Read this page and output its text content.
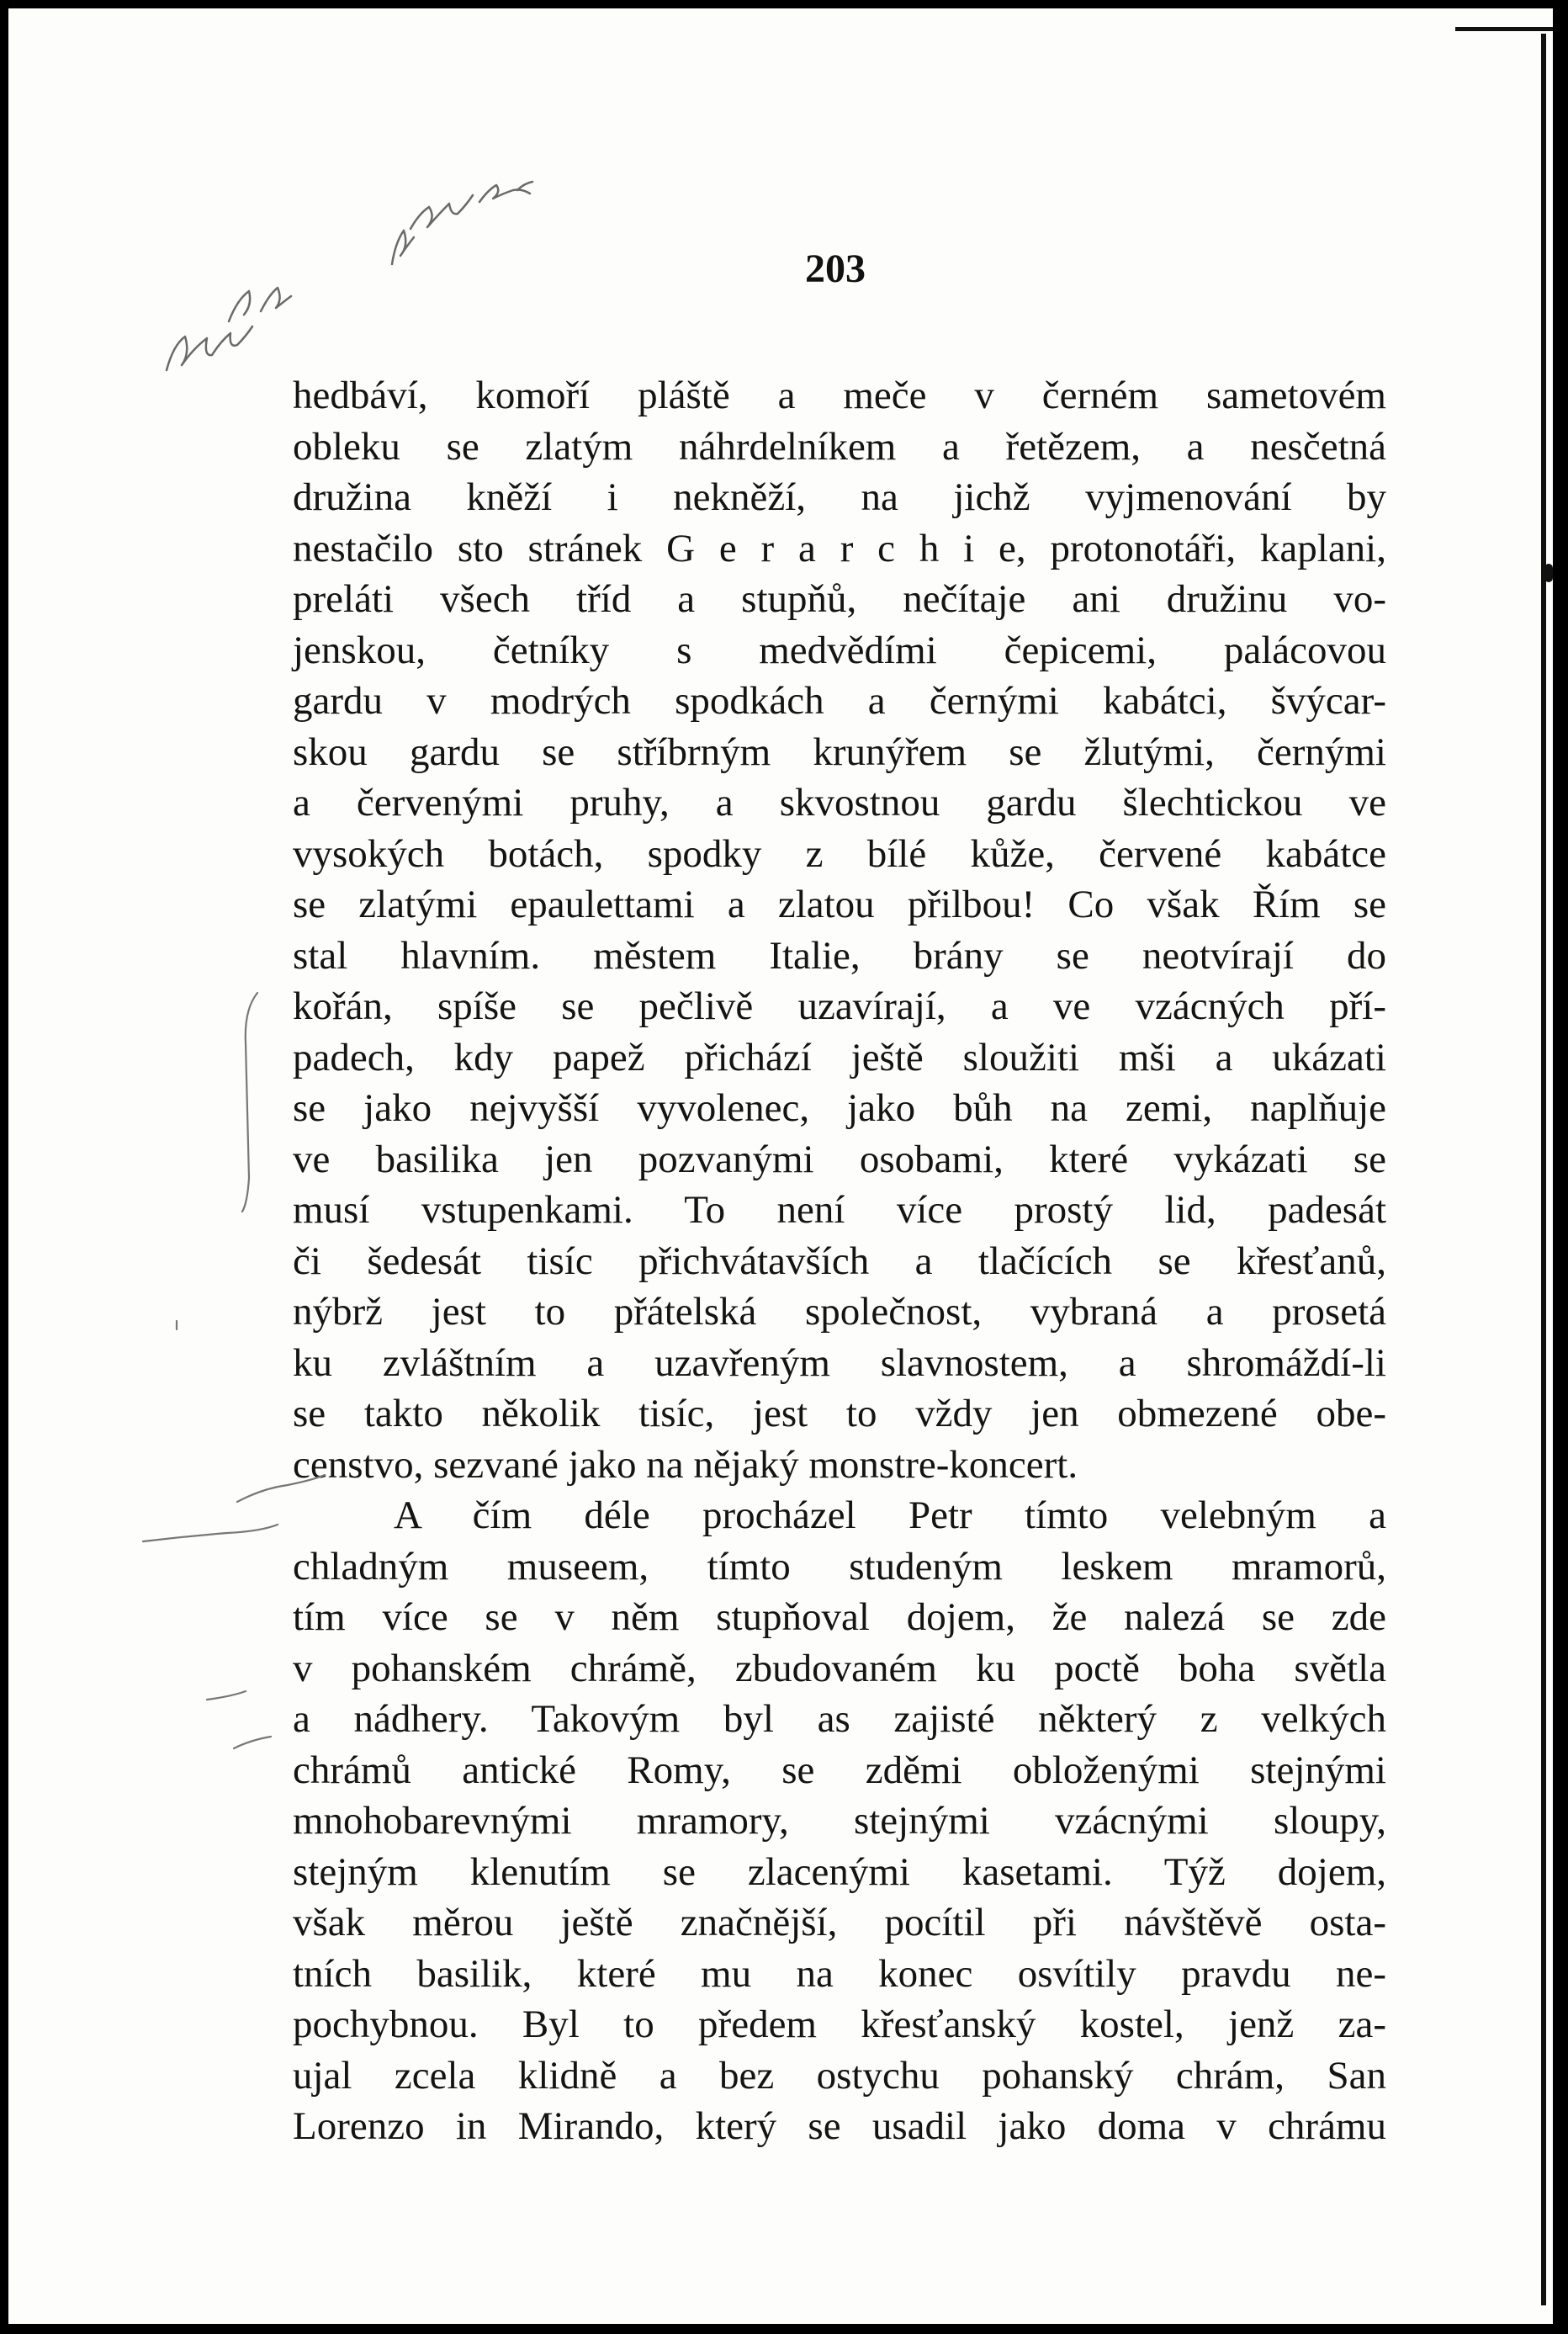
203
hedbáví, komoří pláště a meče v černém sametovém
obleku se zlatým náhrdelníkem a řetězem, a nesčetná
družina kněží i nekněží, na jichž vyjmenování by
nestačilo sto stránek G e r a r c h i e, protonotáři, kaplani,
preláti všech tříd a stupňů, nečítaje ani družinu vo-
jenskou, četníky s medvědími čepicemi, palácovou
gardu v modrých spodkách a černými kabátci, švýcar-
skou gardu se stříbrným krunýřem se žlutými, černými
a červenými pruhy, a skvostnou gardu šlechtickou ve
vysokých botách, spodky z bílé kůže, červené kabátce
se zlatými epaulettami a zlatou přilbou! Co však Řím se
stal hlavním. městem Italie, brány se neotvírají do
kořán, spíše se pečlivě uzavírají, a ve vzácných pří-
padech, kdy papež přichází ještě sloužiti mši a ukázati
se jako nejvyšší vyvolenec, jako bůh na zemi, naplňuje
ve basilika jen pozvanými osobami, které vykázati se
musí vstupenkami. To není více prostý lid, padesát
či šedesát tisíc přichvátavších a tlačících se křesťanů,
nýbrž jest to přátelská společnost, vybraná a prosetá
ku zvláštním a uzavřeným slavnostem, a shromáždí-li
se takto několik tisíc, jest to vždy jen obmezené obe-
censtvo, sezvané jako na nějaký monstre-koncert.
A čím déle procházel Petr tímto velebným a
chladným museem, tímto studeným leskem mramorů,
tím více se v něm stupňoval dojem, že nalezá se zde
v pohanském chrámě, zbudovaném ku poctě boha světla
a nádhery. Takovým byl as zajisté některý z velkých
chrámů antické Romy, se zděmi obloženými stejnými
mnohobarevnými mramory, stejnými vzácnými sloupy,
stejným klenutím se zlacenými kasetami. Týž dojem,
však měrou ještě značnější, pocítil při návštěvě osta-
tních basilik, které mu na konec osvítily pravdu ne-
pochybnou. Byl to předem křesťanský kostel, jenž za-
ujal zcela klidně a bez ostychu pohanský chrám, San
Lorenzo in Mirando, který se usadil jako doma v chrámu
